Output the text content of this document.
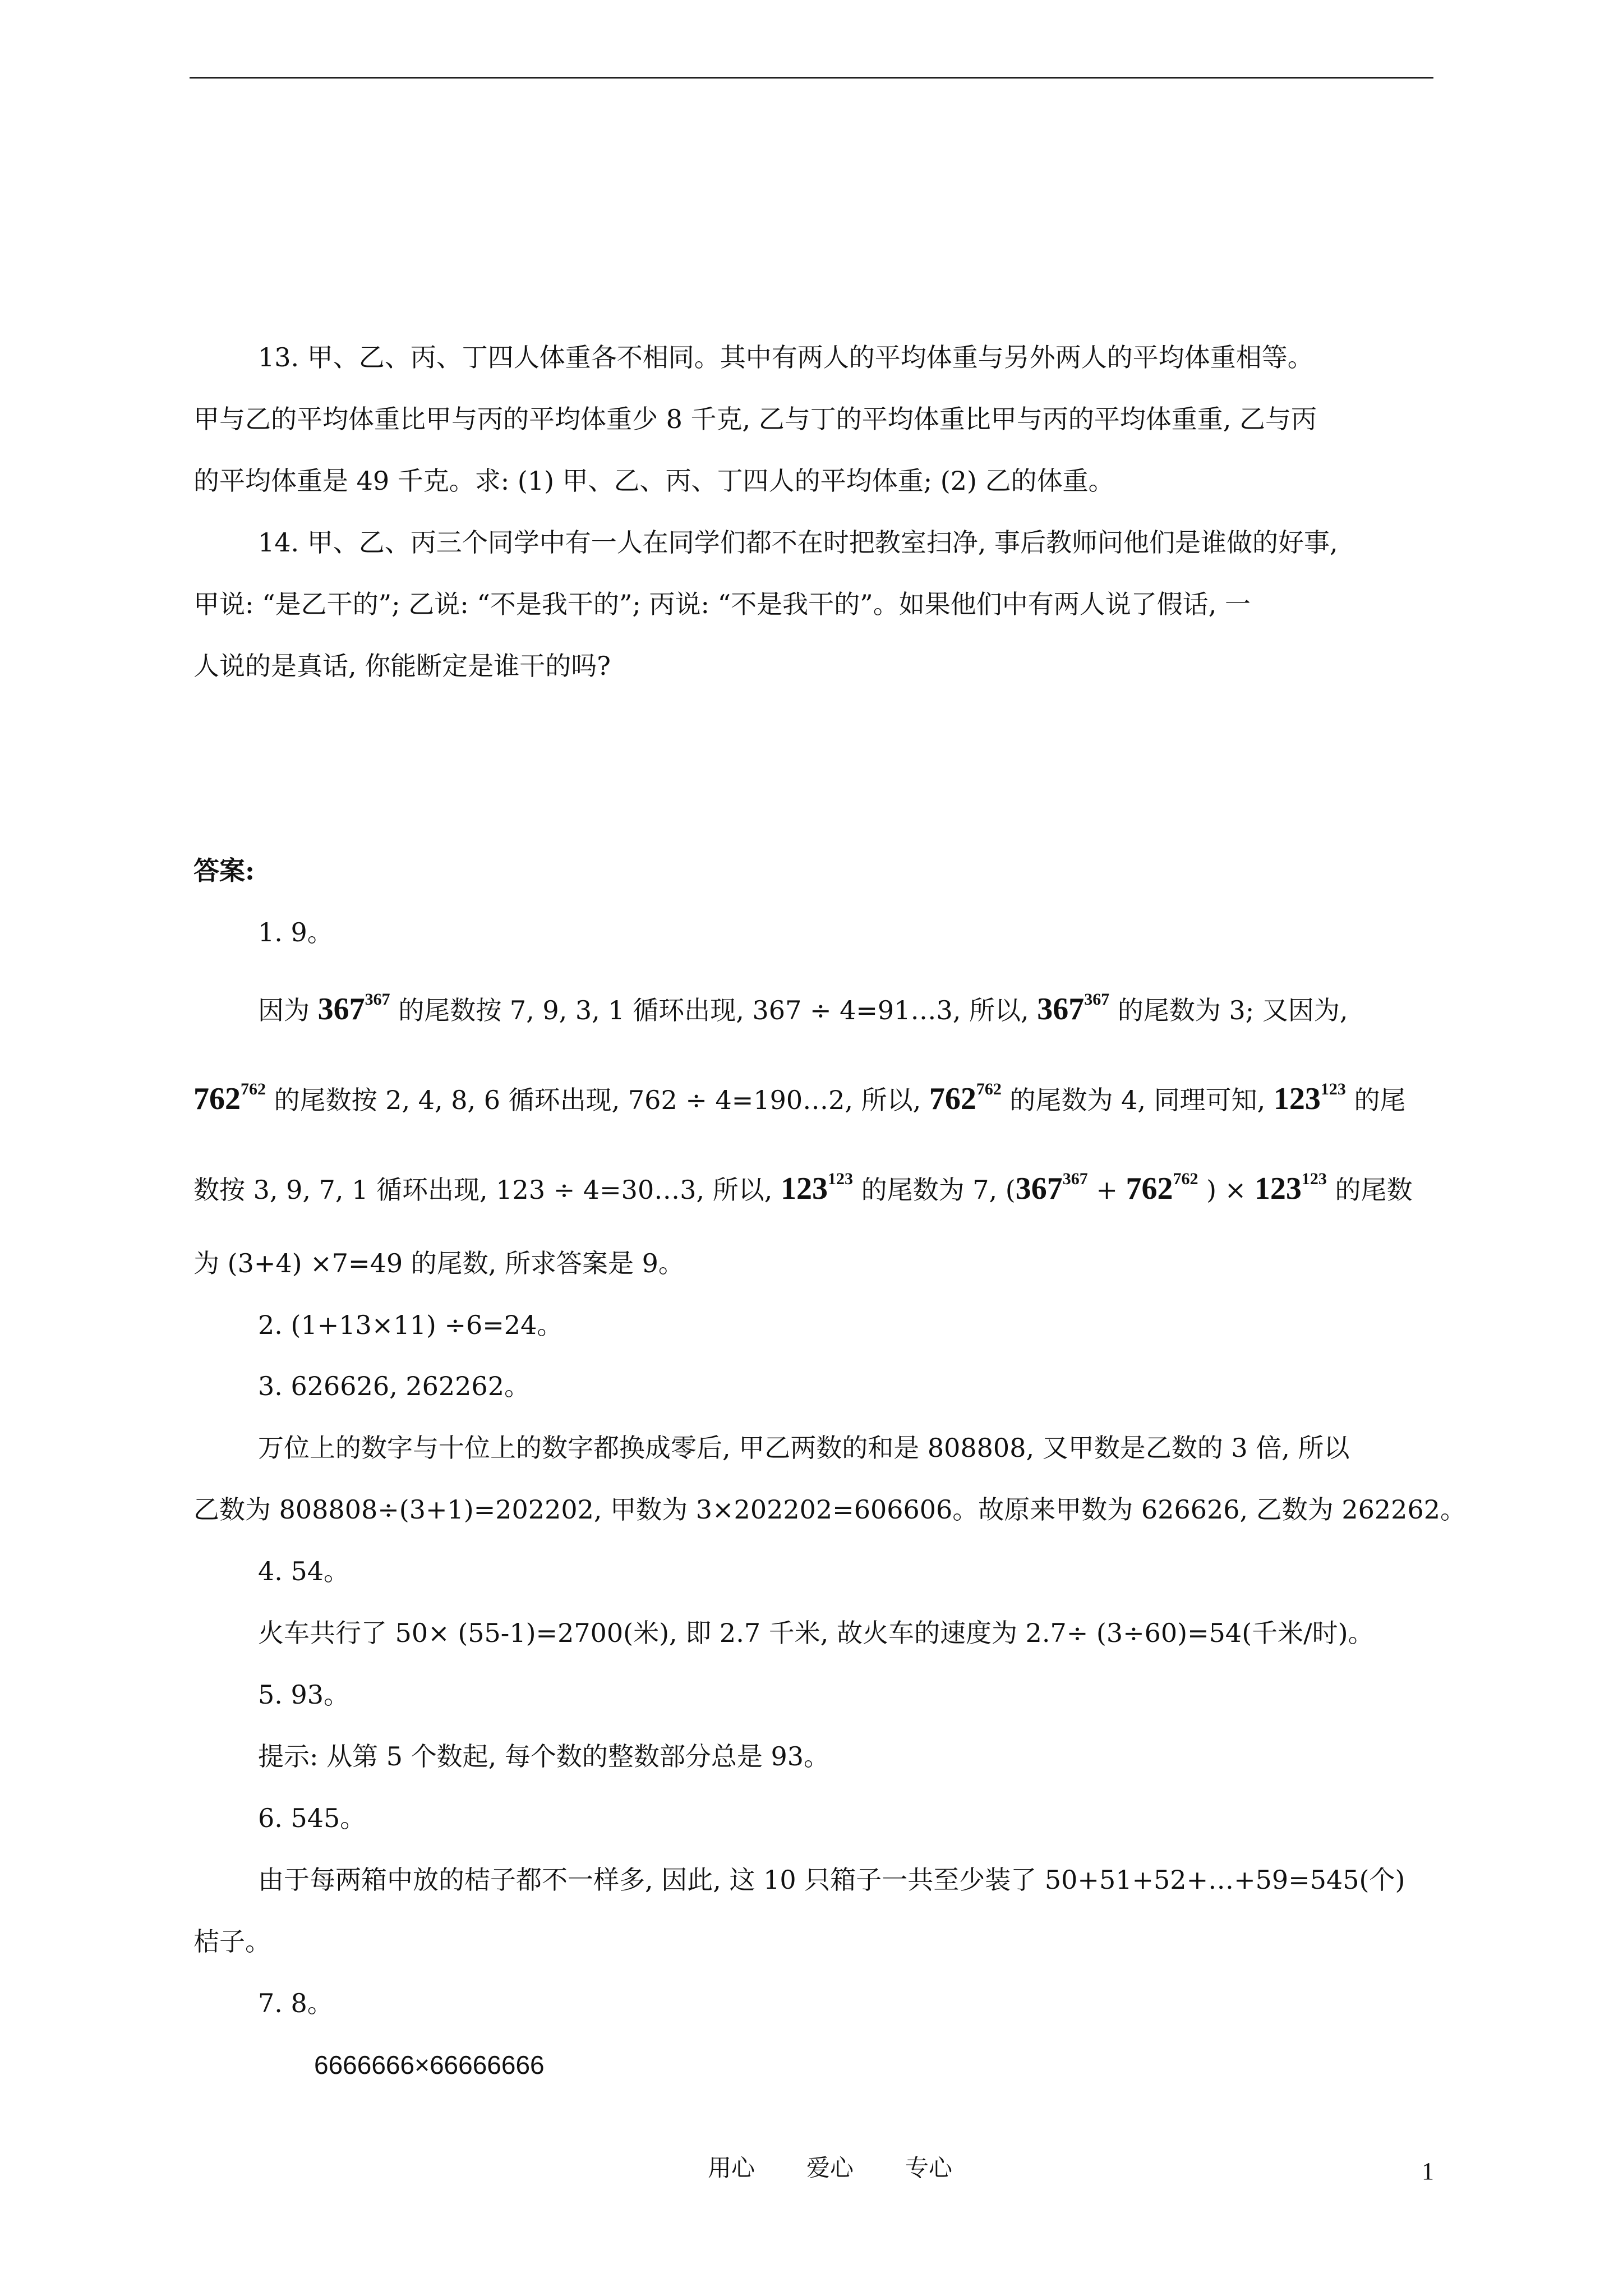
13. 甲、乙、丙、丁四人体重各不相同。其中有两人的平均体重与另外两人的平均体重相等。
甲与乙的平均体重比甲与丙的平均体重少 8 千克, 乙与丁的平均体重比甲与丙的平均体重重, 乙与丙
的平均体重是 49 千克。求: (1) 甲、乙、丙、丁四人的平均体重; (2) 乙的体重。
14. 甲、乙、丙三个同学中有一人在同学们都不在时把教室扫净, 事后教师问他们是谁做的好事,
甲说: “是乙干的”; 乙说: “不是我干的”; 丙说: “不是我干的”。如果他们中有两人说了假话, 一
人说的是真话, 你能断定是谁干的吗?
答案:
1. 9。
因为 $367^{367}$ 的尾数按 7, 9, 3, 1 循环出现, 367 ÷ 4=91…3, 所以, $367^{367}$ 的尾数为 3; 又因为,
$762^{762}$ 的尾数按 2, 4, 8, 6 循环出现, 762 ÷ 4=190…2, 所以, $762^{762}$ 的尾数为 4, 同理可知, $123^{123}$ 的尾
数按 3, 9, 7, 1 循环出现, 123 ÷ 4=30…3, 所以, $123^{123}$ 的尾数为 7, ($367^{367} + 762^{762}$ ) × $123^{123}$ 的尾数
为 (3+4) ×7=49 的尾数, 所求答案是 9。
2. (1+13×11) ÷6=24。
3. 626626, 262262。
万位上的数字与十位上的数字都换成零后, 甲乙两数的和是 808808, 又甲数是乙数的 3 倍, 所以
乙数为 808808÷(3+1)=202202, 甲数为 3×202202=606606。故原来甲数为 626626, 乙数为 262262。
4. 54。
火车共行了 50× (55-1)=2700(米), 即 2.7 千米, 故火车的速度为 2.7÷ (3÷60)=54(千米/时)。
5. 93。
提示: 从第 5 个数起, 每个数的整数部分总是 93。
6. 545。
由于每两箱中放的桔子都不一样多, 因此, 这 10 只箱子一共至少装了 50+51+52+…+59=545(个)
桔子。
7. 8。
6666666×66666666
用心 爱心 专心	1
